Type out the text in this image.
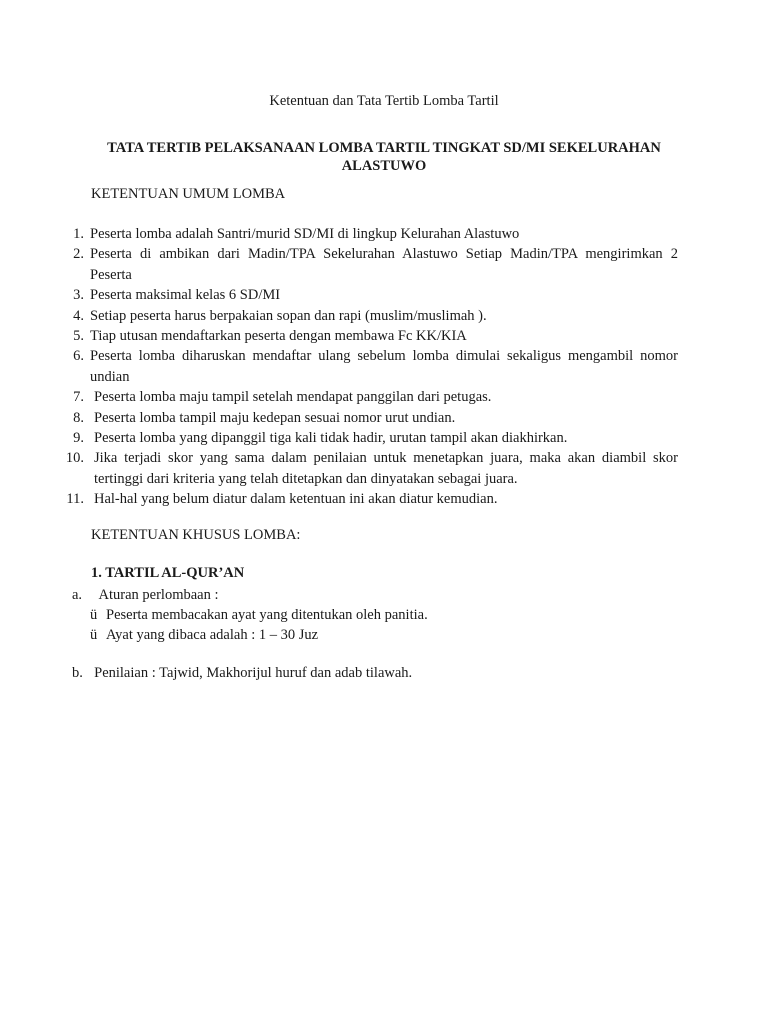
Ketentuan dan Tata Tertib Lomba Tartil
TATA TERTIB PELAKSANAAN LOMBA TARTIL TINGKAT SD/MI SEKELURAHAN
ALASTUWO
KETENTUAN UMUM LOMBA
1. Peserta lomba adalah Santri/murid SD/MI di lingkup Kelurahan Alastuwo
2. Peserta di ambikan dari Madin/TPA Sekelurahan Alastuwo Setiap Madin/TPA mengirimkan 2 Peserta
3. Peserta maksimal kelas 6 SD/MI
4. Setiap peserta harus berpakaian sopan dan rapi (muslim/muslimah ).
5. Tiap utusan mendaftarkan peserta dengan membawa Fc KK/KIA
6. Peserta lomba diharuskan mendaftar ulang sebelum lomba dimulai sekaligus mengambil nomor undian
7. Peserta lomba maju tampil setelah mendapat panggilan dari petugas.
8. Peserta lomba tampil maju kedepan sesuai nomor urut undian.
9. Peserta lomba yang dipanggil tiga kali tidak hadir, urutan tampil akan diakhirkan.
10. Jika terjadi skor yang sama dalam penilaian untuk menetapkan juara, maka akan diambil skor tertinggi dari kriteria yang telah ditetapkan dan dinyatakan sebagai juara.
11. Hal-hal yang belum diatur dalam ketentuan ini akan diatur kemudian.
KETENTUAN KHUSUS LOMBA:
1. TARTIL AL-QUR’AN
a. Aturan perlombaan :
ü Peserta membacakan ayat yang ditentukan oleh panitia.
ü Ayat yang dibaca adalah : 1 – 30 Juz
b. Penilaian : Tajwid, Makhorijul huruf dan adab tilawah.
